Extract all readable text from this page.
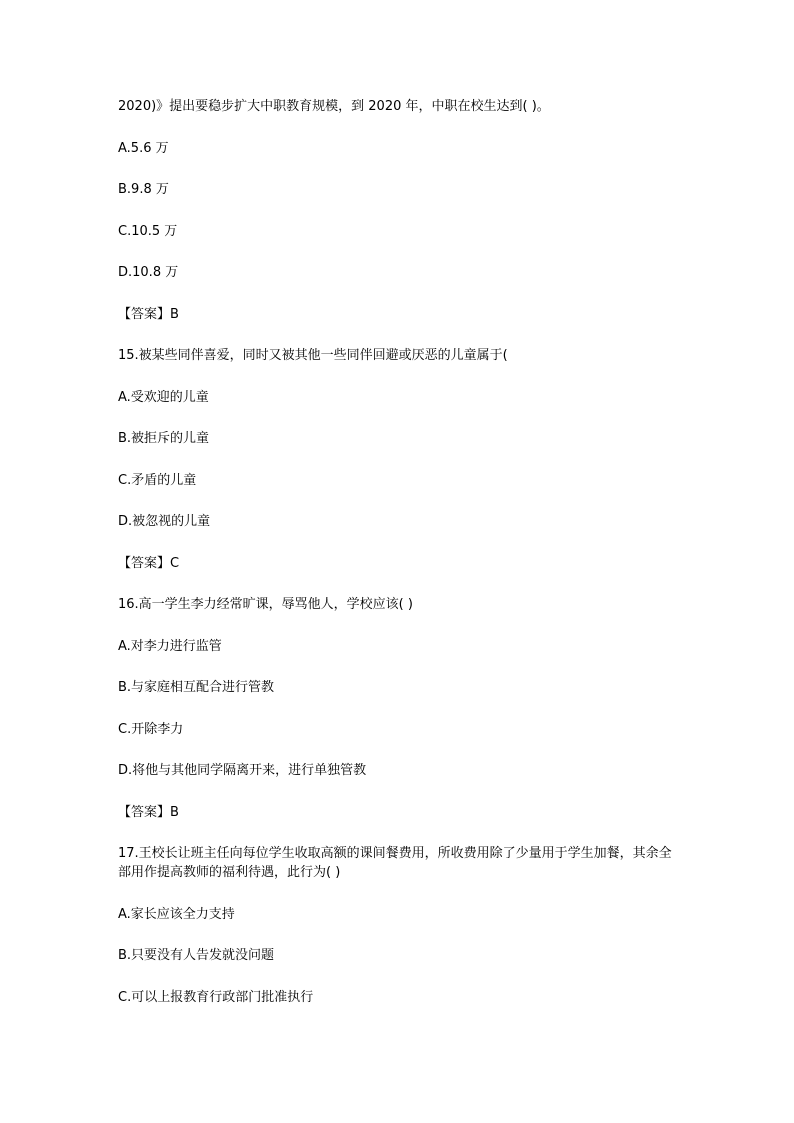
2020)》提出要稳步扩大中职教育规模，到 2020 年，中职在校生达到( )。

A.5.6 万

B.9.8 万

C.10.5 万

D.10.8 万

【答案】B

15.被某些同伴喜爱，同时又被其他一些同伴回避或厌恶的儿童属于(

A.受欢迎的儿童

B.被拒斥的儿童

C.矛盾的儿童

D.被忽视的儿童

【答案】C

16.高一学生李力经常旷课，辱骂他人，学校应该( )

A.对李力进行监管

B.与家庭相互配合进行管教

C.开除李力

D.将他与其他同学隔离开来，进行单独管教

【答案】B

17.王校长让班主任向每位学生收取高额的课间餐费用，所收费用除了少量用于学生加餐，其余全部用作提高教师的福利待遇，此行为( )

A.家长应该全力支持

B.只要没有人告发就没问题

C.可以上报教育行政部门批准执行
